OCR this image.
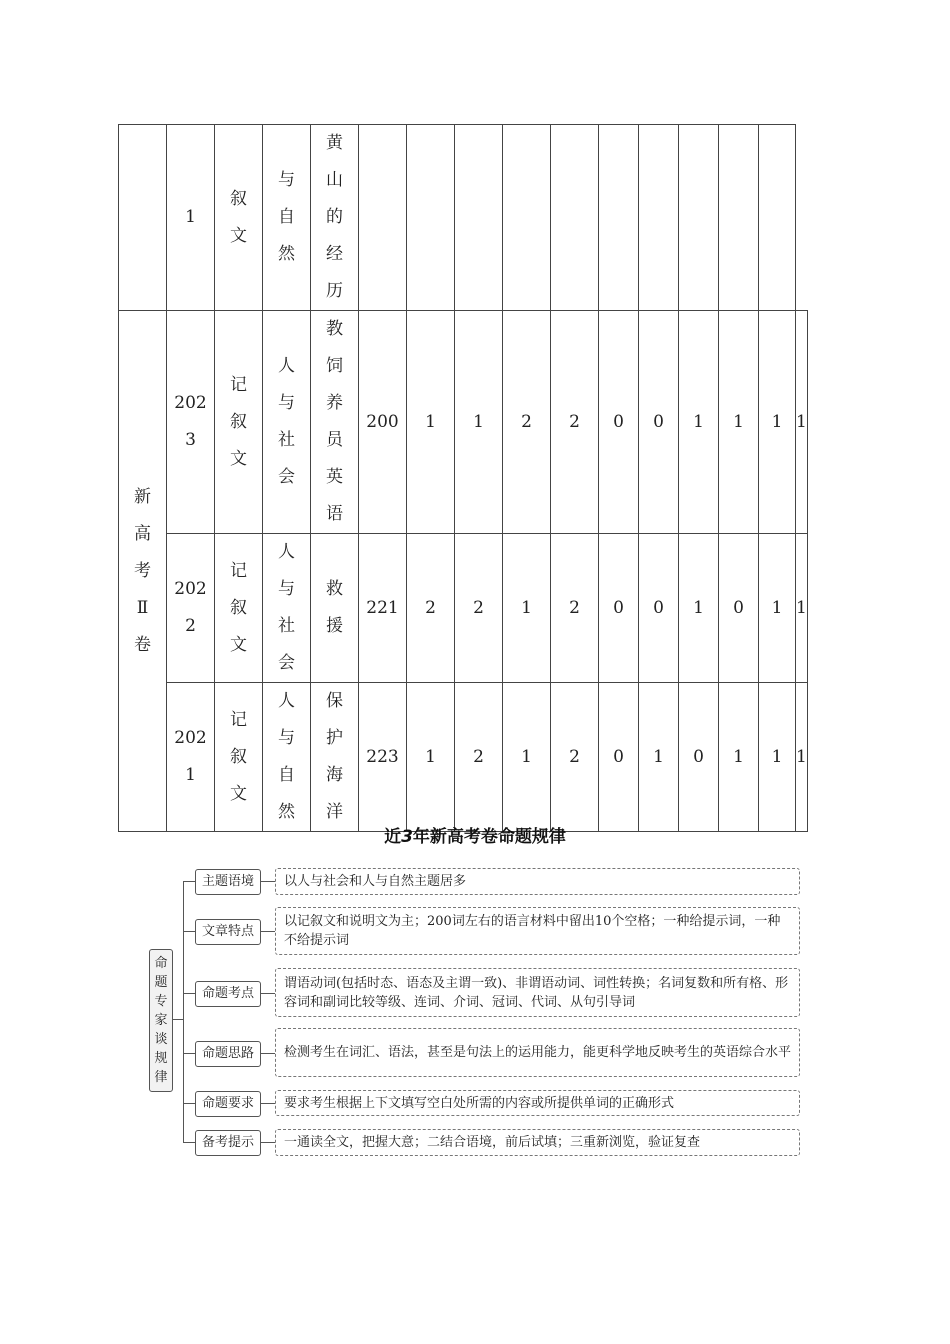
	1	叙文	与自然	黄山的经历											
新高考Ⅱ卷	2023	记叙文	人与社会	教饲养员英语	200	1	1	2	2	0	0	1	1	1	1
	2022	记叙文	人与社会	救援	221	2	2	1	2	0	0	1	0	1	1
	2021	记叙文	人与自然	保护海洋	223	1	2	1	2	0	1	0	1	1	1
近3年新高考卷命题规律
命题专家谈规律
主题语境	以人与社会和人与自然主题居多
文章特点
以记叙文和说明文为主；200词左右的语言材料中留出10个空格；一种给提示词，一种不给提示词
命题考点
谓语动词(包括时态、语态及主谓一致)、非谓语动词、词性转换；名词复数和所有格、形容词和副词比较等级、连词、介词、冠词、代词、从句引导词
命题思路	检测考生在词汇、语法，甚至是句法上的运用能力，能更科学地反映考生的英语综合水平
命题要求	要求考生根据上下文填写空白处所需的内容或所提供单词的正确形式
备考提示	一通读全文，把握大意；二结合语境，前后试填；三重新浏览，验证复查
